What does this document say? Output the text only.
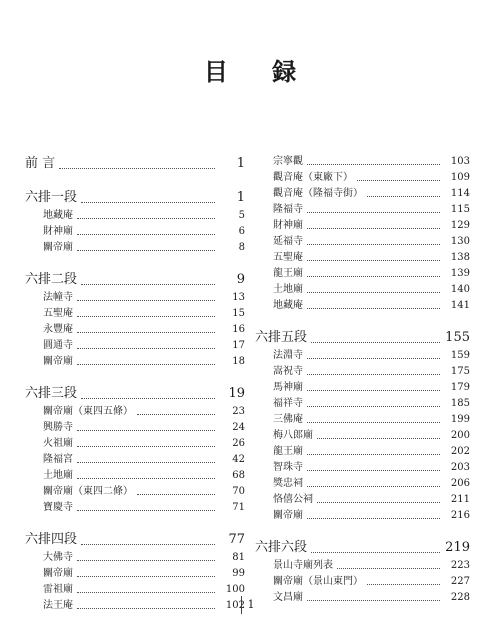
目 録
前 言	1
六排一段	1
地藏庵	5
財神廟	6
關帝廟	8
六排二段	9
法幢寺	13
五聖庵	15
永豐庵	16
圓通寺	17
關帝廟	18
六排三段	19
關帝廟（東四五條）	23
興勝寺	24
火祖廟	26
隆福宮	42
土地廟	68
關帝廟（東四二條）	70
寶慶寺	71
六排四段	77
大佛寺	81
關帝廟	99
雷祖廟	100
法王庵	102
宗寧觀	103
觀音庵（東廠下）	109
觀音庵（隆福寺街）	114
隆福寺	115
財神廟	129
延福寺	130
五聖庵	138
龍王廟	139
土地廟	140
地藏庵	141
六排五段	155
法淵寺	159
嵩祝寺	175
馬神廟	179
福祥寺	185
三佛庵	199
梅八郎廟	200
龍王廟	202
智珠寺	203
獎忠祠	206
恪僖公祠	211
關帝廟	216
六排六段	219
景山寺廟列表	223
關帝廟（景山東門）	227
文昌廟	228
1
